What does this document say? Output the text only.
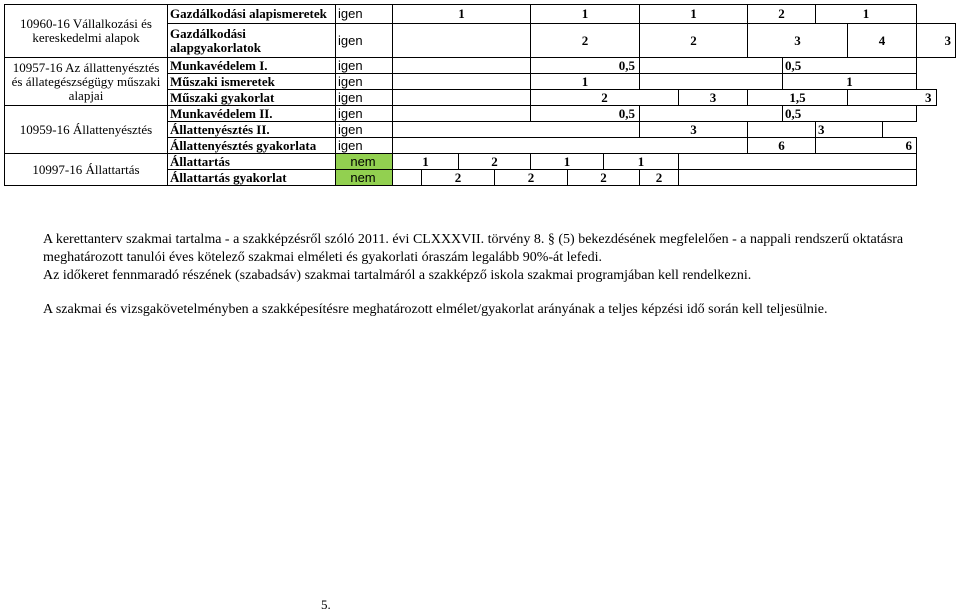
10960-16 Vállalkozási és kereskedelmi alapok	Gazdálkodási alapismeretek	igen	1				1			1		2		1		
	Gazdálkodási alapgyakorlatok	igen					2			2		3			4	3
10957-16 Az állattenyésztés és állategészségügy műszaki alapjai	Munkavédelem I.	igen					0,5						0,5			
	Műszaki ismeretek	igen					1						1			
	Műszaki gyakorlat	igen					2				3	1,5			3	
10959-16 Állattenyésztés	Munkavédelem II.	igen					0,5						0,5			
	Állattenyésztés II.	igen								3				3		
	Állattenyésztés gyakorlata	igen										6		6		
10997-16 Állattartás	Állattartás	nem	1		2		1		1							
	Állattartás gyakorlat	nem		2		2		2		2						
A kerettanterv szakmai tartalma - a szakképzésről szóló 2011. évi CLXXXVII. törvény 8. § (5) bekezdésének megfelelően - a nappali rendszerű oktatásra meghatározott tanulói éves kötelező szakmai elméleti és gyakorlati óraszám legalább 90%-át lefedi.
Az időkeret fennmaradó részének (szabadsáv) szakmai tartalmáról a szakképző iskola szakmai programjában kell rendelkezni.
A szakmai és vizsgakövetelményben a szakképesítésre meghatározott elmélet/gyakorlat arányának a teljes képzési idő során kell teljesülnie.
5.
